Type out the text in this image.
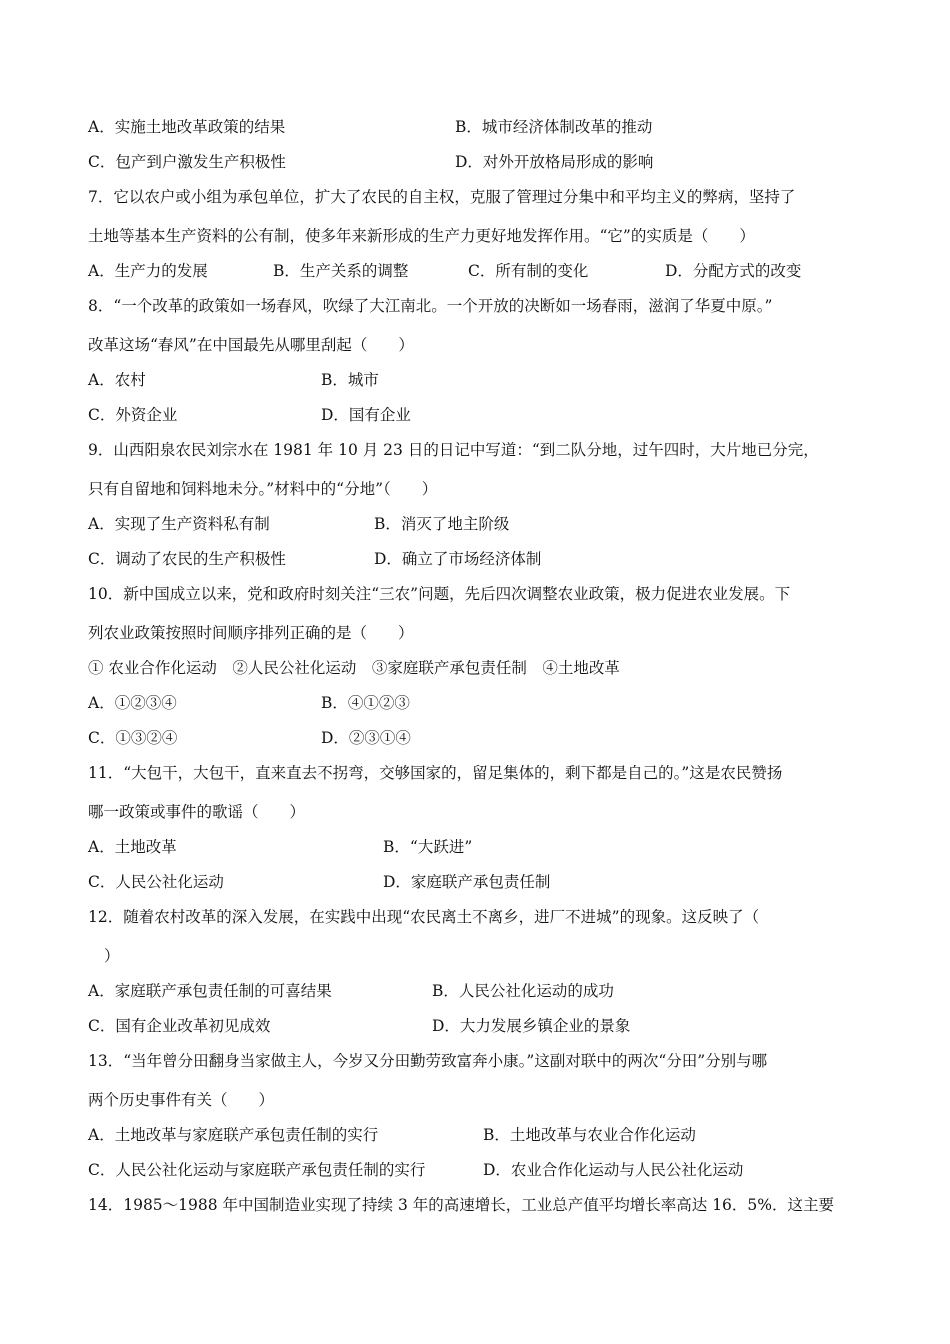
A．实施土地改革政策的结果	B．城市经济体制改革的推动
C．包产到户激发生产积极性	D．对外开放格局形成的影响
7．它以农户或小组为承包单位，扩大了农民的自主权，克服了管理过分集中和平均主义的弊病，坚持了
土地等基本生产资料的公有制，使多年来新形成的生产力更好地发挥作用。“它”的实质是（　　）
A．生产力的发展	B．生产关系的调整	C．所有制的变化	D．分配方式的改变
8．“一个改革的政策如一场春风，吹绿了大江南北。一个开放的决断如一场春雨，滋润了华夏中原。”
改革这场“春风”在中国最先从哪里刮起（　　）
A．农村	B．城市
C．外资企业	D．国有企业
9．山西阳泉农民刘宗水在 1981 年 10 月 23 日的日记中写道：“到二队分地，过午四时，大片地已分完，
只有自留地和饲料地未分。”材料中的“分地”（　　）
A．实现了生产资料私有制	B．消灭了地主阶级
C．调动了农民的生产积极性	D．确立了市场经济体制
10．新中国成立以来，党和政府时刻关注“三农”问题，先后四次调整农业政策，极力促进农业发展。下
列农业政策按照时间顺序排列正确的是（　　）
① 农业合作化运动　②人民公社化运动　③家庭联产承包责任制　④土地改革
A．①②③④	B．④①②③
C．①③②④	D．②③①④
11．“大包干，大包干，直来直去不拐弯，交够国家的，留足集体的，剩下都是自己的。”这是农民赞扬
哪一政策或事件的歌谣（　　）
A．土地改革	B．“大跃进”
C．人民公社化运动	D．家庭联产承包责任制
12．随着农村改革的深入发展，在实践中出现“农民离土不离乡，进厂不进城”的现象。这反映了（
）
A．家庭联产承包责任制的可喜结果	B．人民公社化运动的成功
C．国有企业改革初见成效	D．大力发展乡镇企业的景象
13．“当年曾分田翻身当家做主人，今岁又分田勤劳致富奔小康。”这副对联中的两次“分田”分别与哪
两个历史事件有关（　　）
A．土地改革与家庭联产承包责任制的实行	B．土地改革与农业合作化运动
C．人民公社化运动与家庭联产承包责任制的实行	D．农业合作化运动与人民公社化运动
14．1985～1988 年中国制造业实现了持续 3 年的高速增长，工业总产值平均增长率高达 16．5%．这主要
